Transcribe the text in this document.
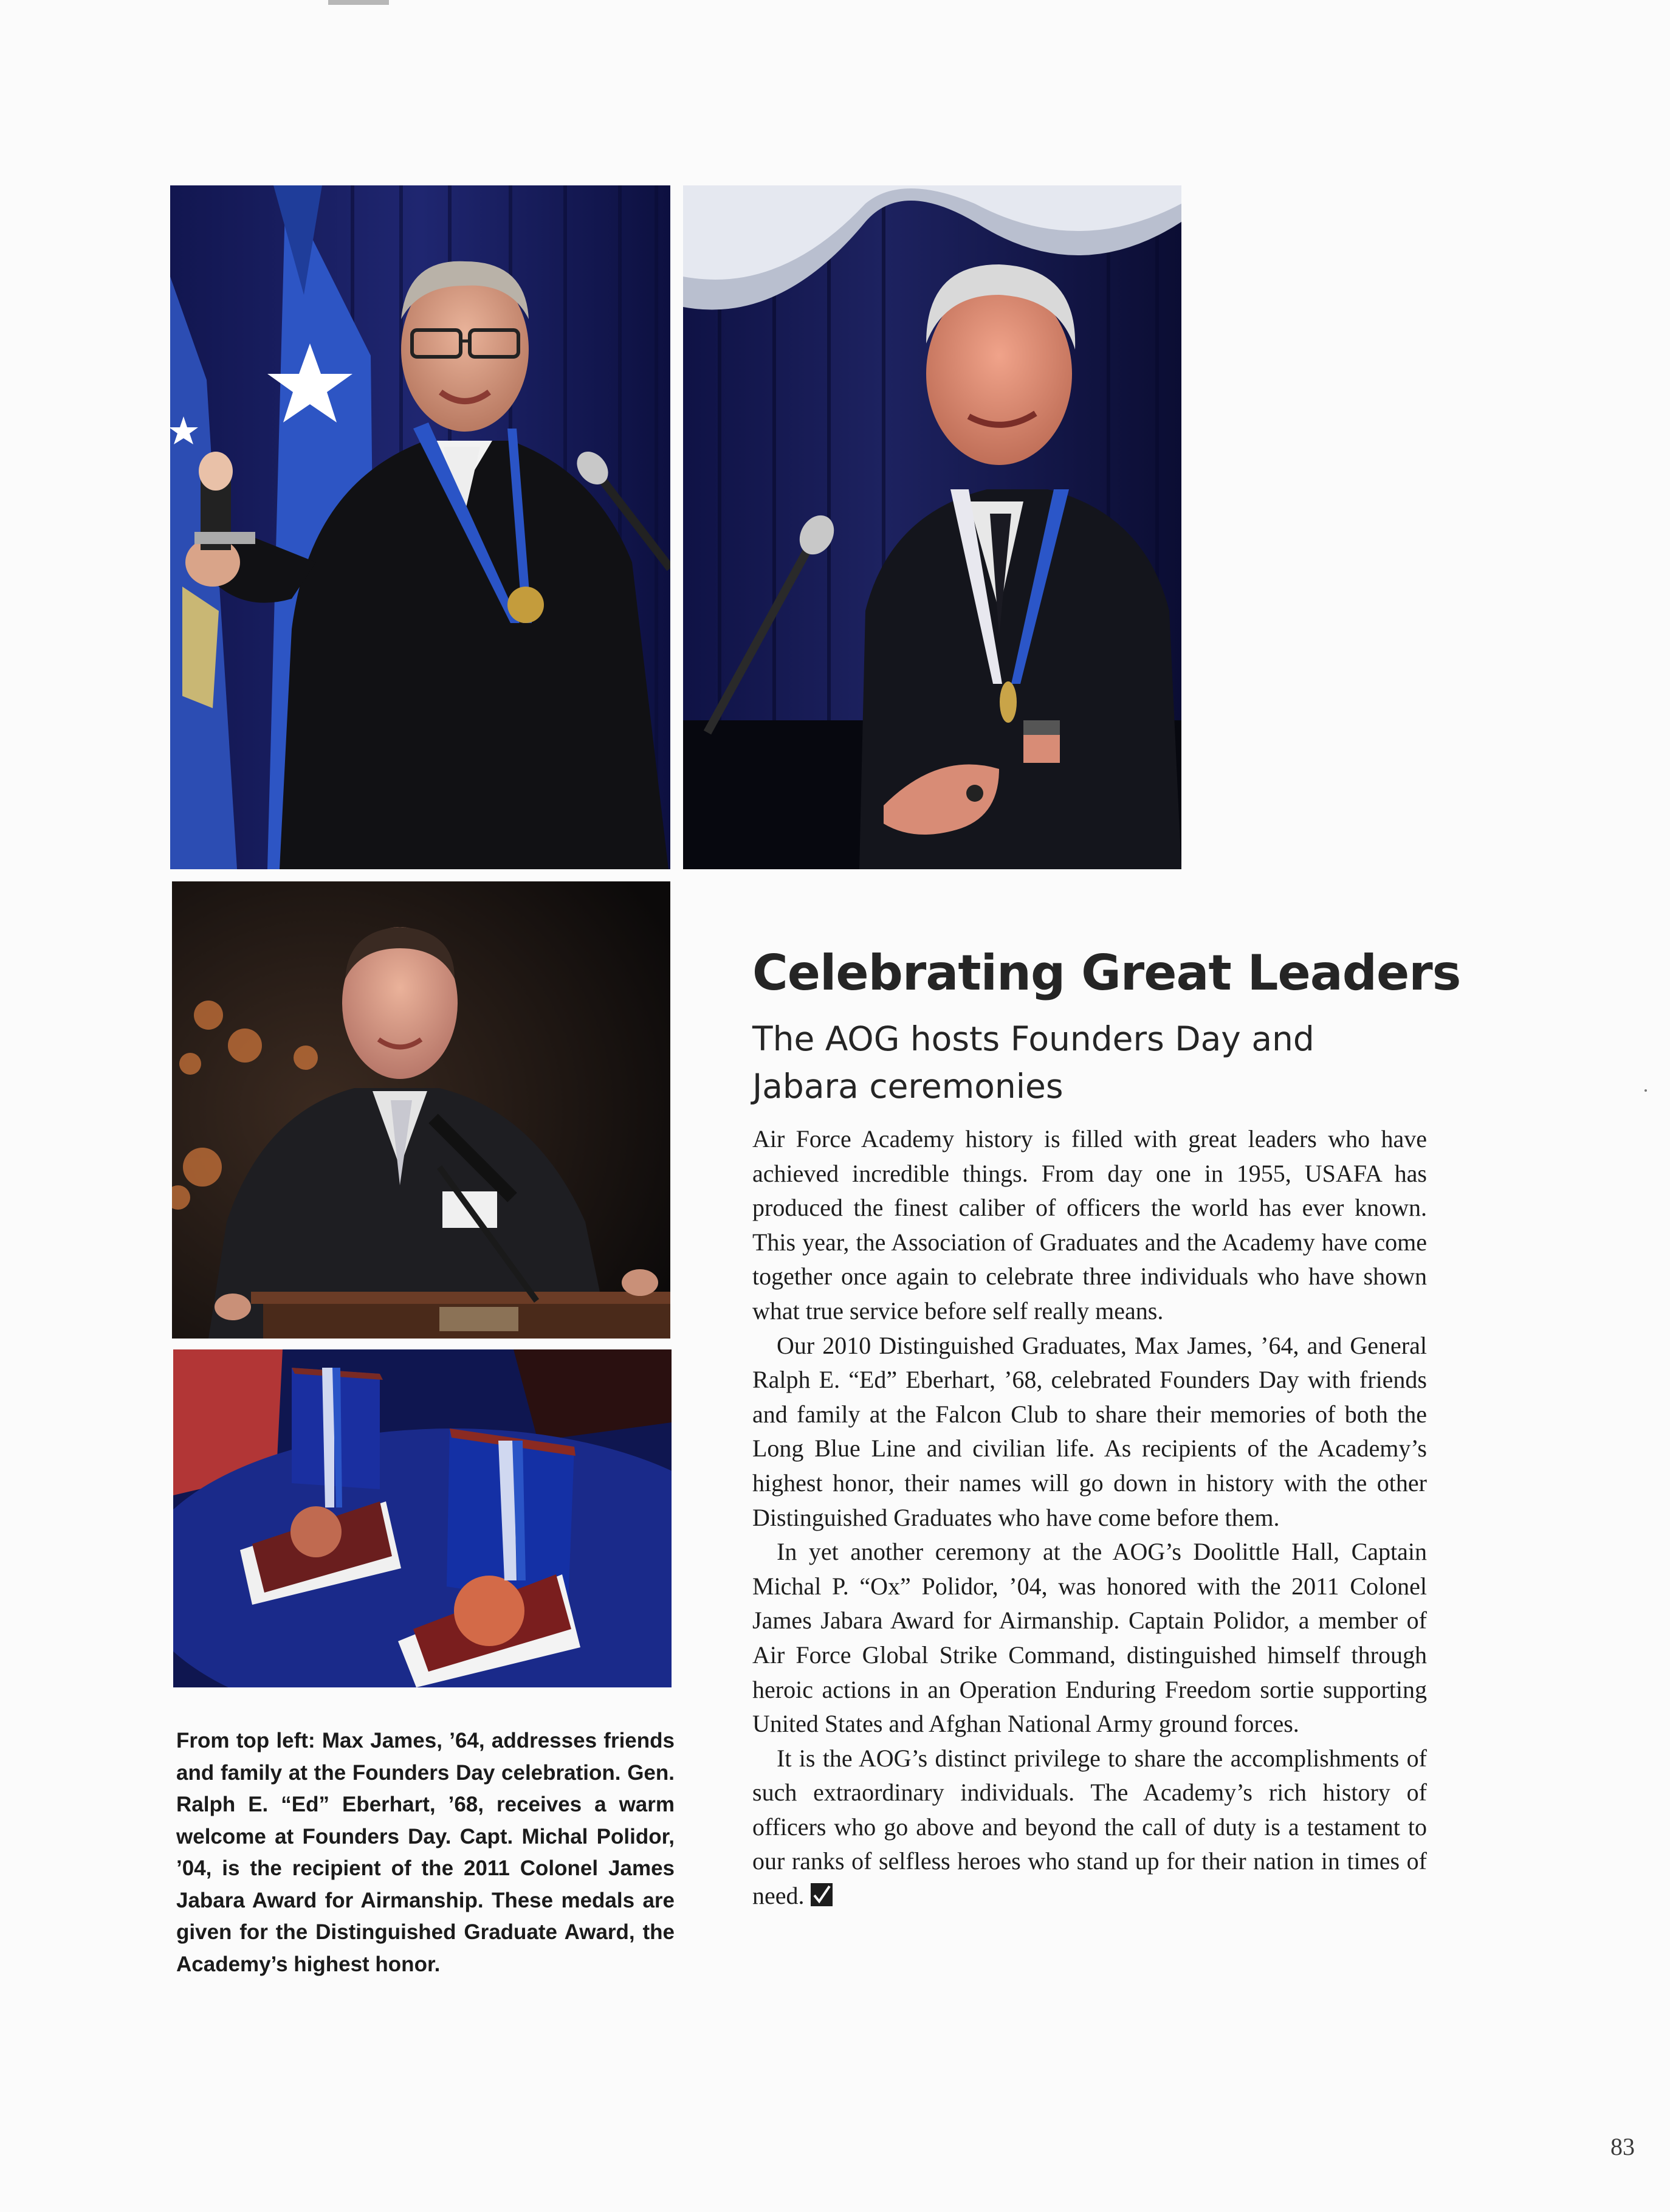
From top left: Max James, ’64, addresses friends and family at the Founders Day celebration. Gen. Ralph E. “Ed” Eberhart, ’68, receives a warm welcome at Founders Day. Capt. Michal Polidor, ’04, is the recipient of the 2011 Colonel James Jabara Award for Airmanship. These medals are given for the Distinguished Graduate Award, the Academy’s highest honor.
Celebrating Great Leaders
The AOG hosts Founders Day and Jabara ceremonies

Air Force Academy history is filled with great leaders who have achieved incredible things. From day one in 1955, USAFA has produced the finest caliber of officers the world has ever known. This year, the Association of Graduates and the Academy have come together once again to celebrate three individuals who have shown what true service before self really means.

Our 2010 Distinguished Graduates, Max James, ’64, and General Ralph E. “Ed” Eberhart, ’68, celebrated Founders Day with friends and family at the Falcon Club to share their memories of both the Long Blue Line and civilian life. As recipients of the Academy’s highest honor, their names will go down in history with the other Distinguished Graduates who have come before them.

In yet another ceremony at the AOG’s Doolittle Hall, Captain Michal P. “Ox” Polidor, ’04, was honored with the 2011 Colonel James Jabara Award for Airmanship. Captain Polidor, a member of Air Force Global Strike Command, distinguished himself through heroic actions in an Operation Enduring Freedom sortie supporting United States and Afghan National Army ground forces.

It is the AOG’s distinct privilege to share the accomplishments of such extraordinary individuals. The Academy’s rich history of officers who go above and beyond the call of duty is a testament to our ranks of selfless heroes who stand up for their nation in times of need.

83
